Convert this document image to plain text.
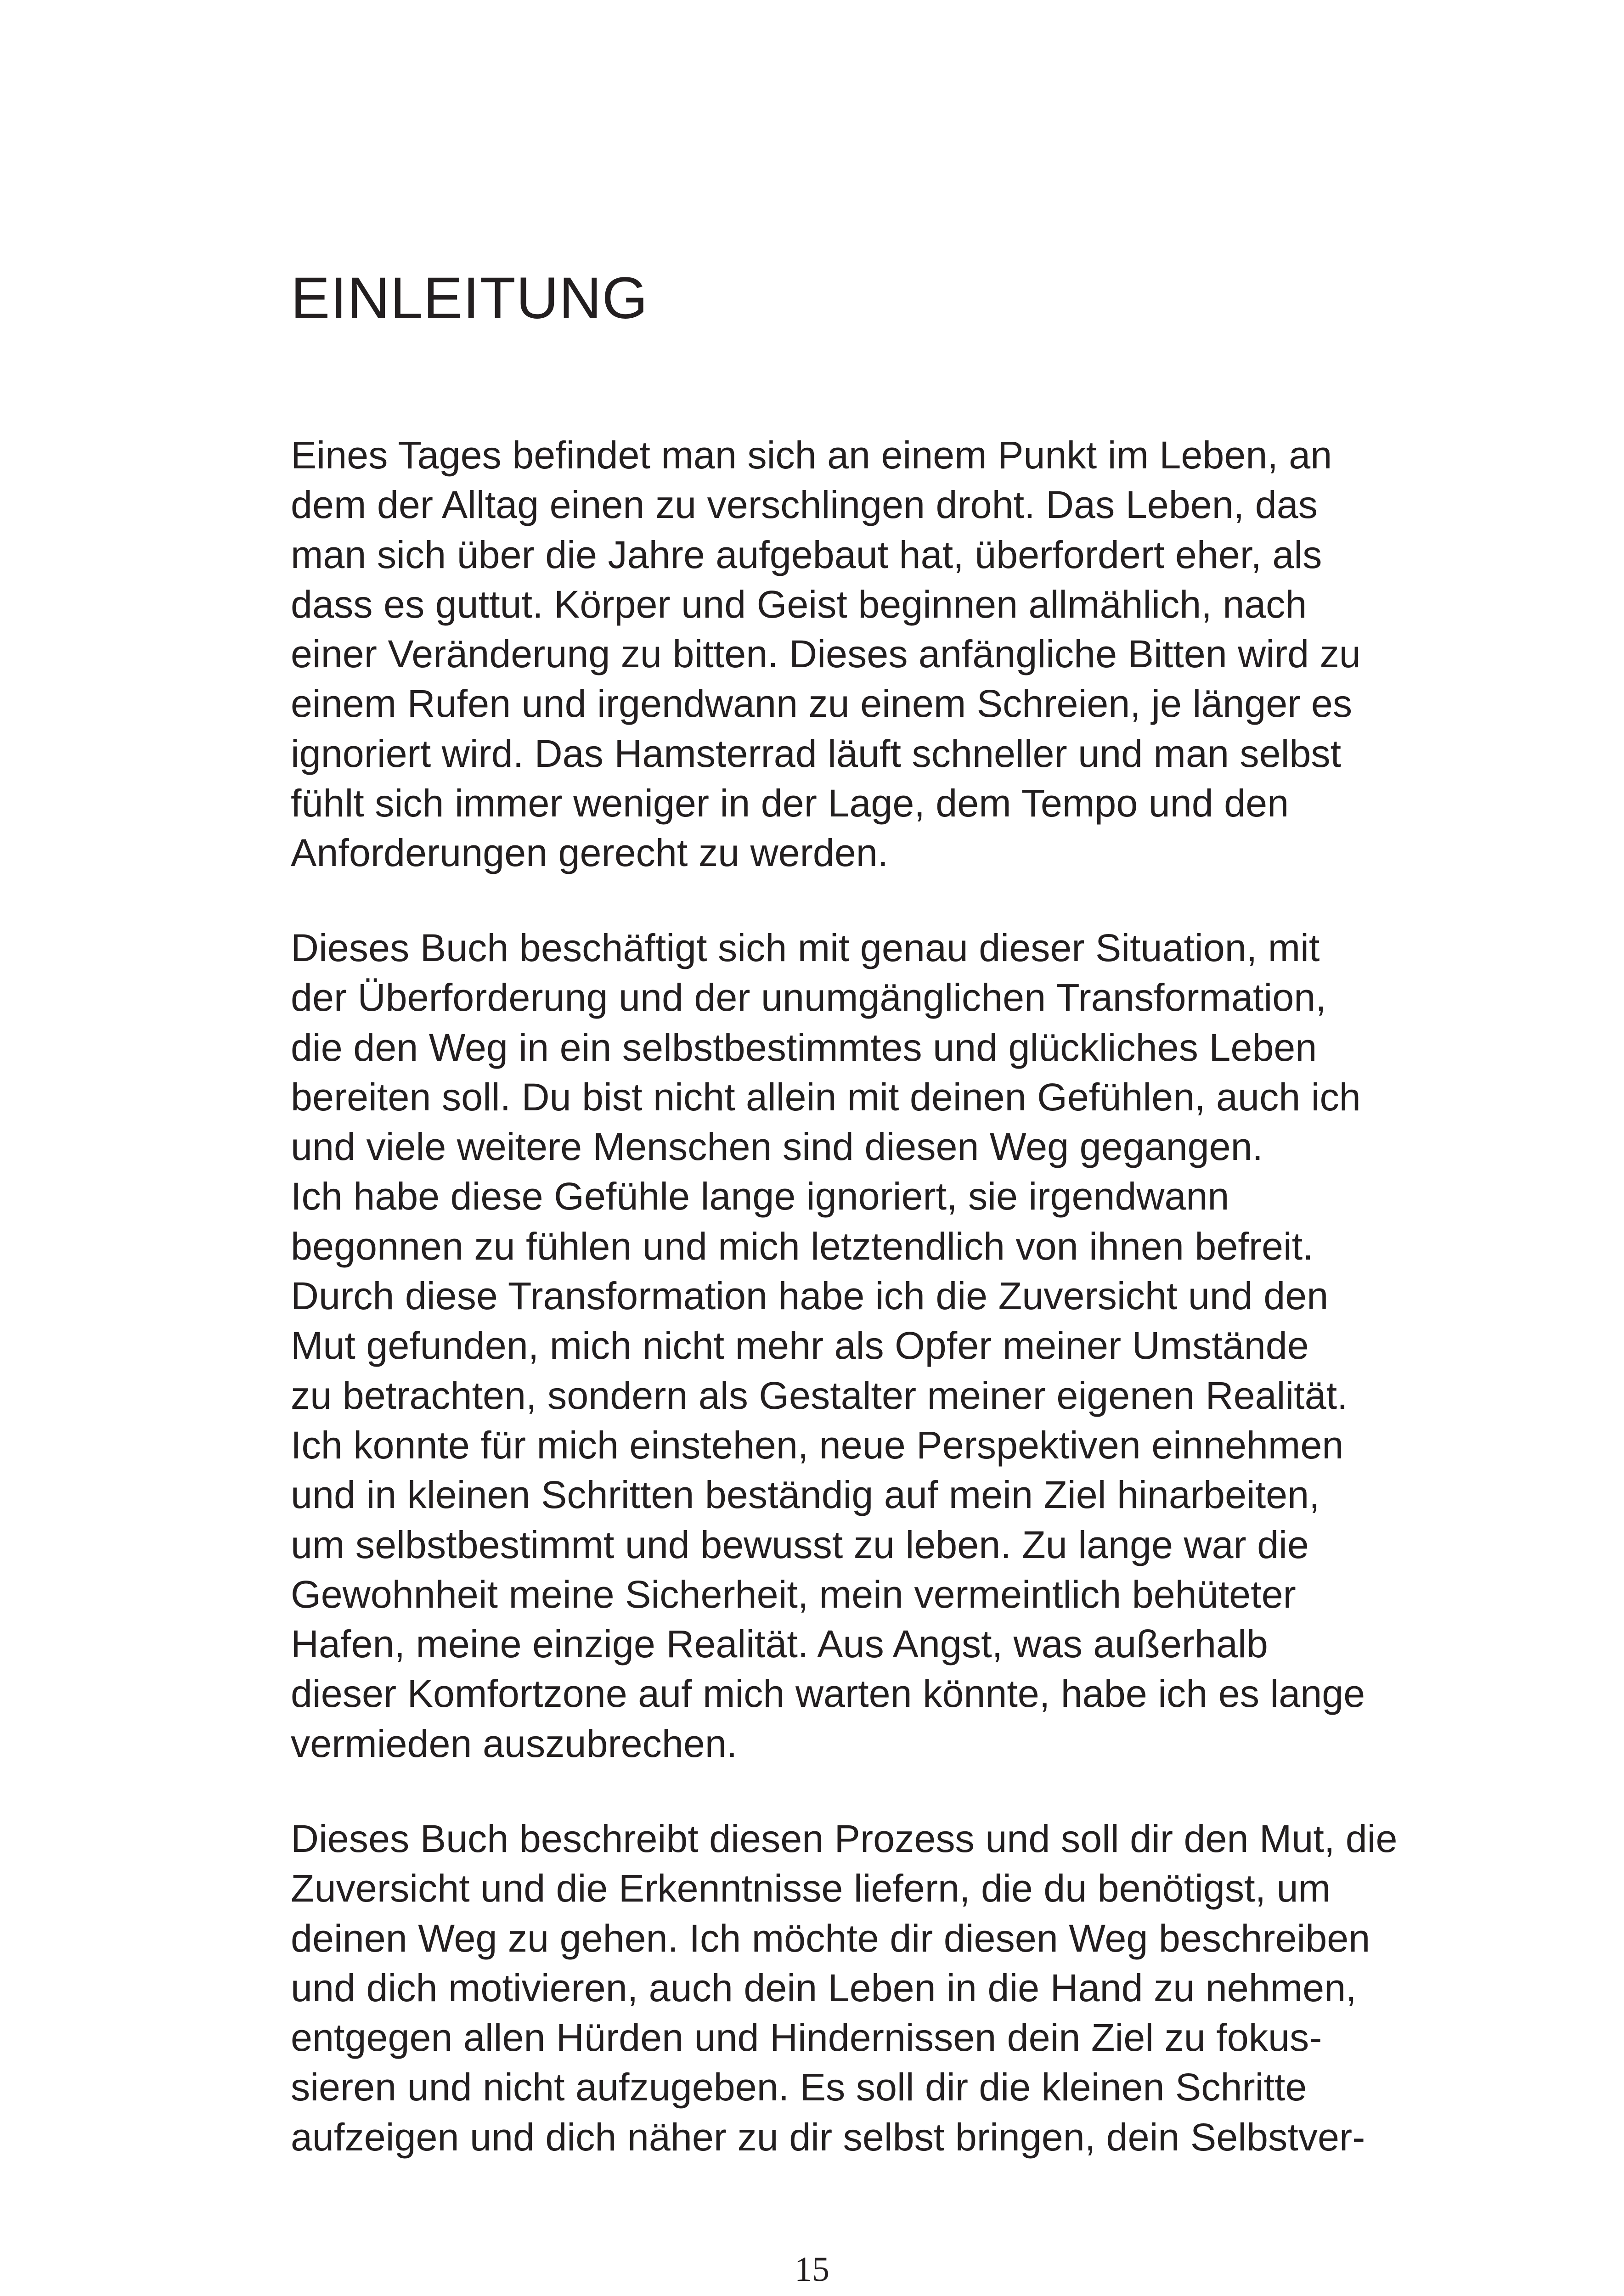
EINLEITUNG
Eines Tages befindet man sich an einem Punkt im Leben, an
dem der Alltag einen zu verschlingen droht. Das Leben, das
man sich über die Jahre aufgebaut hat, überfordert eher, als
dass es guttut. Körper und Geist beginnen allmählich, nach
einer Veränderung zu bitten. Dieses anfängliche Bitten wird zu
einem Rufen und irgendwann zu einem Schreien, je länger es
ignoriert wird. Das Hamsterrad läuft schneller und man selbst
fühlt sich immer weniger in der Lage, dem Tempo und den
Anforderungen gerecht zu werden.
Dieses Buch beschäftigt sich mit genau dieser Situation, mit
der Überforderung und der unumgänglichen Transformation,
die den Weg in ein selbstbestimmtes und glückliches Leben
bereiten soll. Du bist nicht allein mit deinen Gefühlen, auch ich
und viele weitere Menschen sind diesen Weg gegangen.
Ich habe diese Gefühle lange ignoriert, sie irgendwann
begonnen zu fühlen und mich letztendlich von ihnen befreit.
Durch diese Transformation habe ich die Zuversicht und den
Mut gefunden, mich nicht mehr als Opfer meiner Umstände
zu betrachten, sondern als Gestalter meiner eigenen Realität.
Ich konnte für mich einstehen, neue Perspektiven einnehmen
und in kleinen Schritten beständig auf mein Ziel hinarbeiten,
um selbstbestimmt und bewusst zu leben. Zu lange war die
Gewohnheit meine Sicherheit, mein vermeintlich behüteter
Hafen, meine einzige Realität. Aus Angst, was außerhalb
dieser Komfortzone auf mich warten könnte, habe ich es lange
vermieden auszubrechen.
Dieses Buch beschreibt diesen Prozess und soll dir den Mut, die
Zuversicht und die Erkenntnisse liefern, die du benötigst, um
deinen Weg zu gehen. Ich möchte dir diesen Weg beschreiben
und dich motivieren, auch dein Leben in die Hand zu nehmen,
entgegen allen Hürden und Hindernissen dein Ziel zu fokus-
sieren und nicht aufzugeben. Es soll dir die kleinen Schritte
aufzeigen und dich näher zu dir selbst bringen, dein Selbstver-
15
